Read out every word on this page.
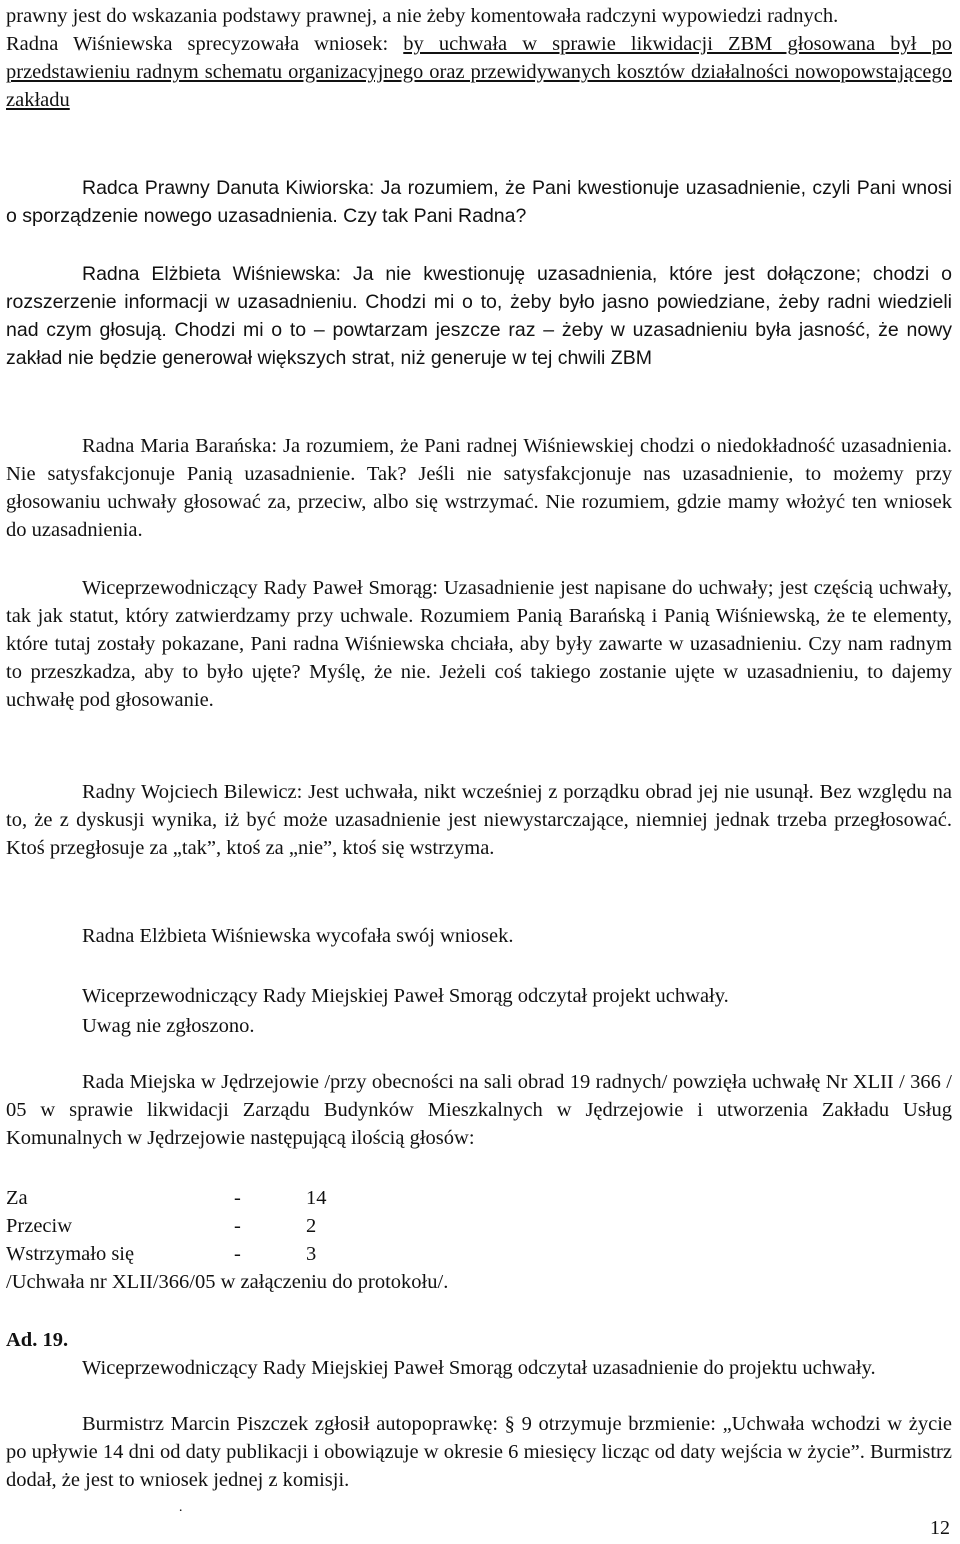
prawny jest do wskazania podstawy prawnej, a nie żeby komentowała radczyni wypowiedzi radnych.
Radna Wiśniewska sprecyzowała wniosek: by uchwała w sprawie likwidacji ZBM głosowana był po przedstawieniu radnym schematu organizacyjnego oraz przewidywanych kosztów działalności nowopowstającego zakładu
Radca Prawny Danuta Kiwiorska: Ja rozumiem, że Pani kwestionuje uzasadnienie, czyli Pani wnosi o sporządzenie nowego uzasadnienia. Czy tak Pani Radna?
Radna Elżbieta Wiśniewska: Ja nie kwestionuję uzasadnienia, które jest dołączone; chodzi o rozszerzenie informacji w uzasadnieniu. Chodzi mi o to, żeby było jasno powiedziane, żeby radni wiedzieli nad czym głosują. Chodzi mi o to – powtarzam jeszcze raz – żeby w uzasadnieniu była jasność, że nowy zakład nie będzie generował większych strat, niż generuje w tej chwili ZBM
Radna Maria Barańska: Ja rozumiem, że Pani radnej Wiśniewskiej chodzi o niedokładność uzasadnienia. Nie satysfakcjonuje Panią uzasadnienie. Tak? Jeśli nie satysfakcjonuje nas uzasadnienie, to możemy przy głosowaniu uchwały głosować za, przeciw, albo się wstrzymać. Nie rozumiem, gdzie mamy włożyć ten wniosek do uzasadnienia.
Wiceprzewodniczący Rady Paweł Smorąg: Uzasadnienie jest napisane do uchwały; jest częścią uchwały, tak jak statut, który zatwierdzamy przy uchwale. Rozumiem Panią Barańską i Panią Wiśniewską, że te elementy, które tutaj zostały pokazane, Pani radna Wiśniewska chciała, aby były zawarte w uzasadnieniu. Czy nam radnym to przeszkadza, aby to było ujęte? Myślę, że nie. Jeżeli coś takiego zostanie ujęte w uzasadnieniu, to dajemy uchwałę pod głosowanie.
Radny Wojciech Bilewicz: Jest uchwała, nikt wcześniej z porządku obrad jej nie usunął. Bez względu na to, że z dyskusji wynika, iż być może uzasadnienie jest niewystarczające, niemniej jednak trzeba przegłosować. Ktoś przegłosuje za „tak”, ktoś za „nie”, ktoś się wstrzyma.
Radna Elżbieta Wiśniewska wycofała swój wniosek.
Wiceprzewodniczący Rady Miejskiej Paweł Smorąg odczytał projekt uchwały.
Uwag nie zgłoszono.
Rada Miejska w Jędrzejowie /przy obecności na sali obrad 19 radnych/ powzięła uchwałę Nr XLII / 366 / 05 w sprawie likwidacji Zarządu Budynków Mieszkalnych w Jędrzejowie i utworzenia Zakładu Usług Komunalnych w Jędrzejowie następującą ilością głosów:
Za	-	14
Przeciw	-	2
Wstrzymało się	-	3
/Uchwała nr XLII/366/05 w załączeniu do protokołu/.
Ad. 19.
Wiceprzewodniczący Rady Miejskiej Paweł Smorąg odczytał uzasadnienie do projektu uchwały.
Burmistrz Marcin Piszczek zgłosił autopoprawkę: § 9 otrzymuje brzmienie: „Uchwała wchodzi w życie po upływie 14 dni od daty publikacji i obowiązuje w okresie 6 miesięcy licząc od daty wejścia w życie”. Burmistrz dodał, że jest to wniosek jednej z komisji.
˙
12
